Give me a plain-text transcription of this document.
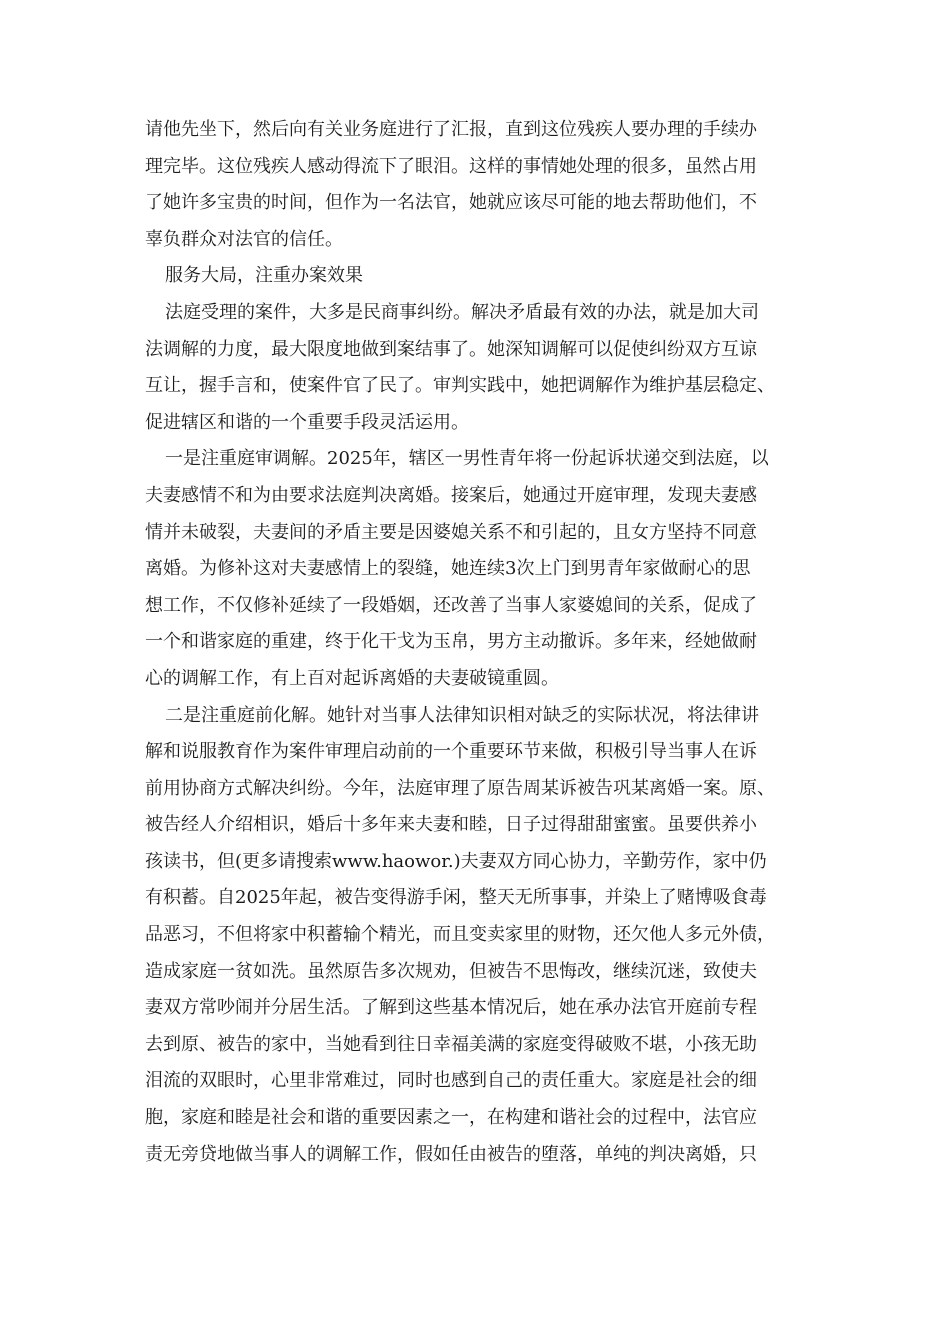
请他先坐下，然后向有关业务庭进行了汇报，直到这位残疾人要办理的手续办
理完毕。这位残疾人感动得流下了眼泪。这样的事情她处理的很多，虽然占用
了她许多宝贵的时间，但作为一名法官，她就应该尽可能的地去帮助他们，不
辜负群众对法官的信任。
服务大局，注重办案效果
法庭受理的案件，大多是民商事纠纷。解决矛盾最有效的办法，就是加大司
法调解的力度，最大限度地做到案结事了。她深知调解可以促使纠纷双方互谅
互让，握手言和，使案件官了民了。审判实践中，她把调解作为维护基层稳定、
促进辖区和谐的一个重要手段灵活运用。
一是注重庭审调解。2025年，辖区一男性青年将一份起诉状递交到法庭，以
夫妻感情不和为由要求法庭判决离婚。接案后，她通过开庭审理，发现夫妻感
情并未破裂，夫妻间的矛盾主要是因婆媳关系不和引起的，且女方坚持不同意
离婚。为修补这对夫妻感情上的裂缝，她连续3次上门到男青年家做耐心的思
想工作，不仅修补延续了一段婚姻，还改善了当事人家婆媳间的关系，促成了
一个和谐家庭的重建，终于化干戈为玉帛，男方主动撤诉。多年来，经她做耐
心的调解工作，有上百对起诉离婚的夫妻破镜重圆。
二是注重庭前化解。她针对当事人法律知识相对缺乏的实际状况，将法律讲
解和说服教育作为案件审理启动前的一个重要环节来做，积极引导当事人在诉
前用协商方式解决纠纷。今年，法庭审理了原告周某诉被告巩某离婚一案。原、
被告经人介绍相识，婚后十多年来夫妻和睦，日子过得甜甜蜜蜜。虽要供养小
孩读书，但(更多请搜索www.haowor.)夫妻双方同心协力，辛勤劳作，家中仍
有积蓄。自2025年起，被告变得游手闲，整天无所事事，并染上了赌博吸食毒
品恶习，不但将家中积蓄输个精光，而且变卖家里的财物，还欠他人多元外债，
造成家庭一贫如洗。虽然原告多次规劝，但被告不思悔改，继续沉迷，致使夫
妻双方常吵闹并分居生活。了解到这些基本情况后，她在承办法官开庭前专程
去到原、被告的家中，当她看到往日幸福美满的家庭变得破败不堪，小孩无助
泪流的双眼时，心里非常难过，同时也感到自己的责任重大。家庭是社会的细
胞，家庭和睦是社会和谐的重要因素之一，在构建和谐社会的过程中，法官应
责无旁贷地做当事人的调解工作，假如任由被告的堕落，单纯的判决离婚，只
